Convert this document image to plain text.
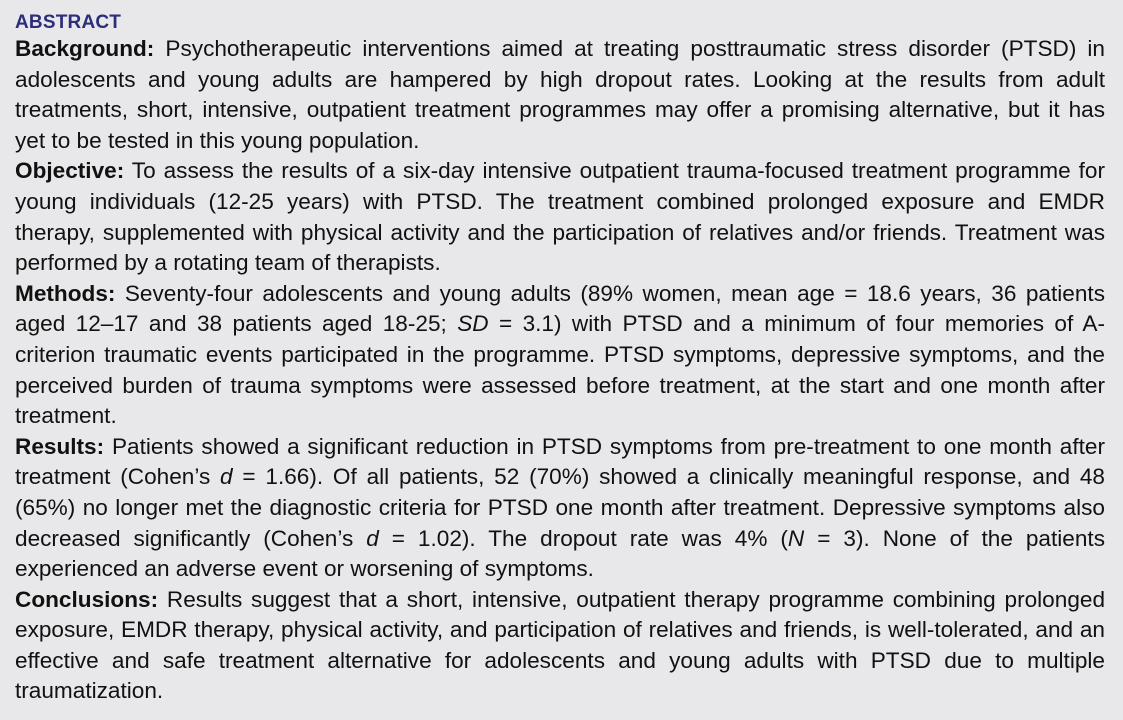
ABSTRACT

Background: Psychotherapeutic interventions aimed at treating posttraumatic stress disorder (PTSD) in adolescents and young adults are hampered by high dropout rates. Looking at the results from adult treatments, short, intensive, outpatient treatment programmes may offer a promising alternative, but it has yet to be tested in this young population.

Objective: To assess the results of a six-day intensive outpatient trauma-focused treatment programme for young individuals (12-25 years) with PTSD. The treatment combined prolonged exposure and EMDR therapy, supplemented with physical activity and the participation of relatives and/or friends. Treatment was performed by a rotating team of therapists.

Methods: Seventy-four adolescents and young adults (89% women, mean age = 18.6 years, 36 patients aged 12–17 and 38 patients aged 18-25; SD = 3.1) with PTSD and a minimum of four memories of A-criterion traumatic events participated in the programme. PTSD symptoms, depressive symptoms, and the perceived burden of trauma symptoms were assessed before treatment, at the start and one month after treatment.

Results: Patients showed a significant reduction in PTSD symptoms from pre-treatment to one month after treatment (Cohen’s d = 1.66). Of all patients, 52 (70%) showed a clinically meaningful response, and 48 (65%) no longer met the diagnostic criteria for PTSD one month after treatment. Depressive symptoms also decreased significantly (Cohen’s d = 1.02). The dropout rate was 4% (N = 3). None of the patients experienced an adverse event or worsening of symptoms.

Conclusions: Results suggest that a short, intensive, outpatient therapy programme combining prolonged exposure, EMDR therapy, physical activity, and participation of relatives and friends, is well-tolerated, and an effective and safe treatment alternative for adolescents and young adults with PTSD due to multiple traumatization.
